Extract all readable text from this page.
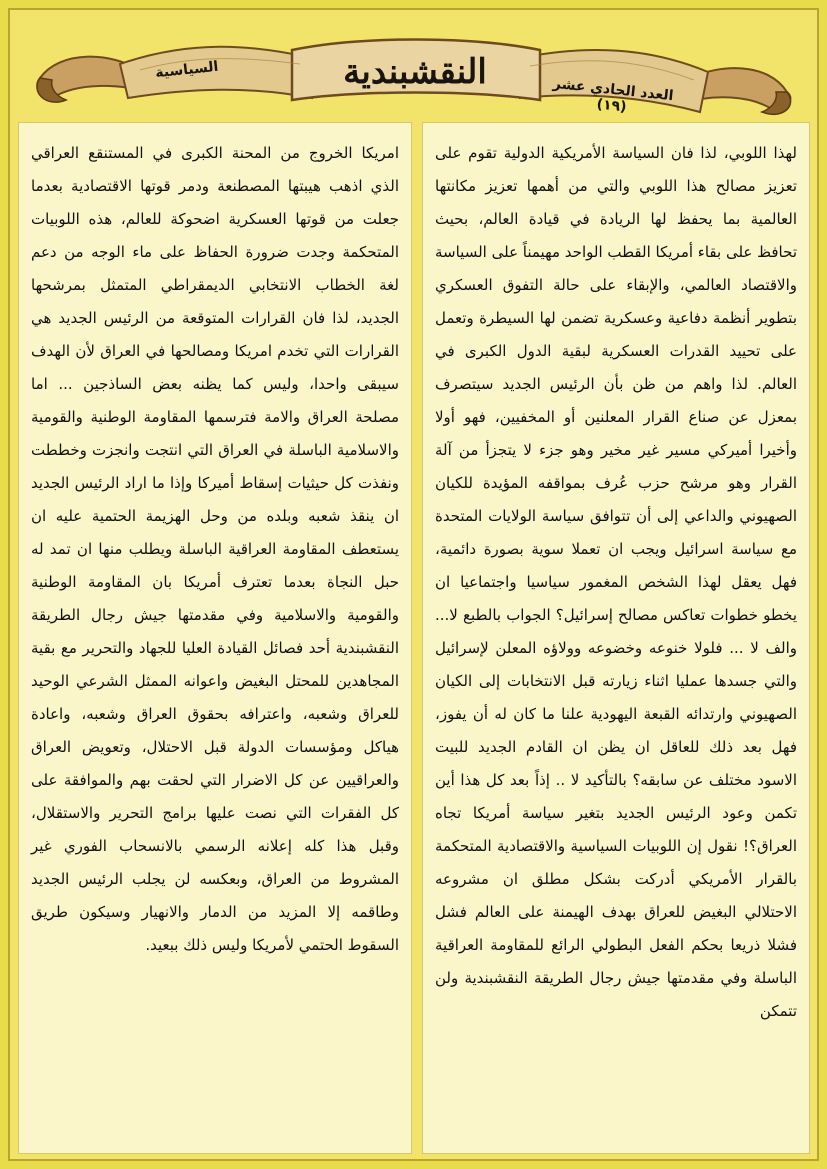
النقشبندية	العدد الحادي عشر (١٩)
السياسية

لهذا اللوبي، لذا فان السياسة الأمريكية الدولية تقوم على تعزيز مصالح هذا اللوبي والتي من أهمها تعزيز مكانتها العالمية بما يحفظ لها الريادة في قيادة العالم، بحيث تحافظ على بقاء أمريكا القطب الواحد مهيمناً على السياسة والاقتصاد العالمي، والإبقاء على حالة التفوق العسكري بتطوير أنظمة دفاعية وعسكرية تضمن لها السيطرة وتعمل على تحييد القدرات العسكرية لبقية الدول الكبرى في العالم. لذا واهم من ظن بأن الرئيس الجديد سيتصرف بمعزل عن صناع القرار المعلنين أو المخفيين، فهو أولا وأخيرا أميركي مسير غير مخير وهو جزء لا يتجزأ من آلة القرار وهو مرشح حزب عُرف بمواقفه المؤيدة للكيان الصهيوني والداعي إلى أن تتوافق سياسة الولايات المتحدة مع سياسة اسرائيل ويجب ان تعملا سوية بصورة دائمية، فهل يعقل لهذا الشخص المغمور سياسيا واجتماعيا ان يخطو خطوات تعاكس مصالح إسرائيل؟ الجواب بالطبع لا... والف لا ... فلولا خنوعه وخضوعه وولاؤه المعلن لإسرائيل والتي جسدها عمليا اثناء زيارته قبل الانتخابات إلى الكيان الصهيوني وارتدائه القبعة اليهودية علنا ما كان له أن يفوز، فهل بعد ذلك للعاقل ان يظن ان القادم الجديد للبيت الاسود مختلف عن سابقه؟ بالتأكيد لا .. إذاً بعد كل هذا أين تكمن وعود الرئيس الجديد بتغير سياسة أمريكا تجاه العراق؟! نقول إن اللوبيات السياسية والاقتصادية المتحكمة بالقرار الأمريكي أدركت بشكل مطلق ان مشروعه الاحتلالي البغيض للعراق بهدف الهيمنة على العالم فشل فشلا ذريعا بحكم الفعل البطولي الرائع للمقاومة العراقية الباسلة وفي مقدمتها جيش رجال الطريقة النقشبندية ولن تتمكن

امريكا الخروج من المحنة الكبرى في المستنقع العراقي الذي اذهب هيبتها المصطنعة ودمر قوتها الاقتصادية بعدما جعلت من قوتها العسكرية اضحوكة للعالم، هذه اللوبيات المتحكمة وجدت ضرورة الحفاظ على ماء الوجه من دعم لغة الخطاب الانتخابي الديمقراطي المتمثل بمرشحها الجديد، لذا فان القرارات المتوقعة من الرئيس الجديد هي القرارات التي تخدم امريكا ومصالحها في العراق لأن الهدف سيبقى واحدا، وليس كما يظنه بعض الساذجين ... اما مصلحة العراق والامة فترسمها المقاومة الوطنية والقومية والاسلامية الباسلة في العراق التي انتجت وانجزت وخططت ونفذت كل حيثيات إسقاط أميركا وإذا ما اراد الرئيس الجديد ان ينقذ شعبه وبلده من وحل الهزيمة الحتمية عليه ان يستعطف المقاومة العراقية الباسلة ويطلب منها ان تمد له حبل النجاة بعدما تعترف أمريكا بان المقاومة الوطنية والقومية والاسلامية وفي مقدمتها جيش رجال الطريقة النقشبندية أحد فصائل القيادة العليا للجهاد والتحرير مع بقية المجاهدين للمحتل البغيض واعوانه الممثل الشرعي الوحيد للعراق وشعبه، واعترافه بحقوق العراق وشعبه، واعادة هياكل ومؤسسات الدولة قبل الاحتلال، وتعويض العراق والعراقيين عن كل الاضرار التي لحقت بهم والموافقة على كل الفقرات التي نصت عليها برامج التحرير والاستقلال، وقبل هذا كله إعلانه الرسمي بالانسحاب الفوري غير المشروط من العراق، وبعكسه لن يجلب الرئيس الجديد وطاقمه إلا المزيد من الدمار والانهيار وسيكون طريق السقوط الحتمي لأمريكا وليس ذلك ببعيد.
